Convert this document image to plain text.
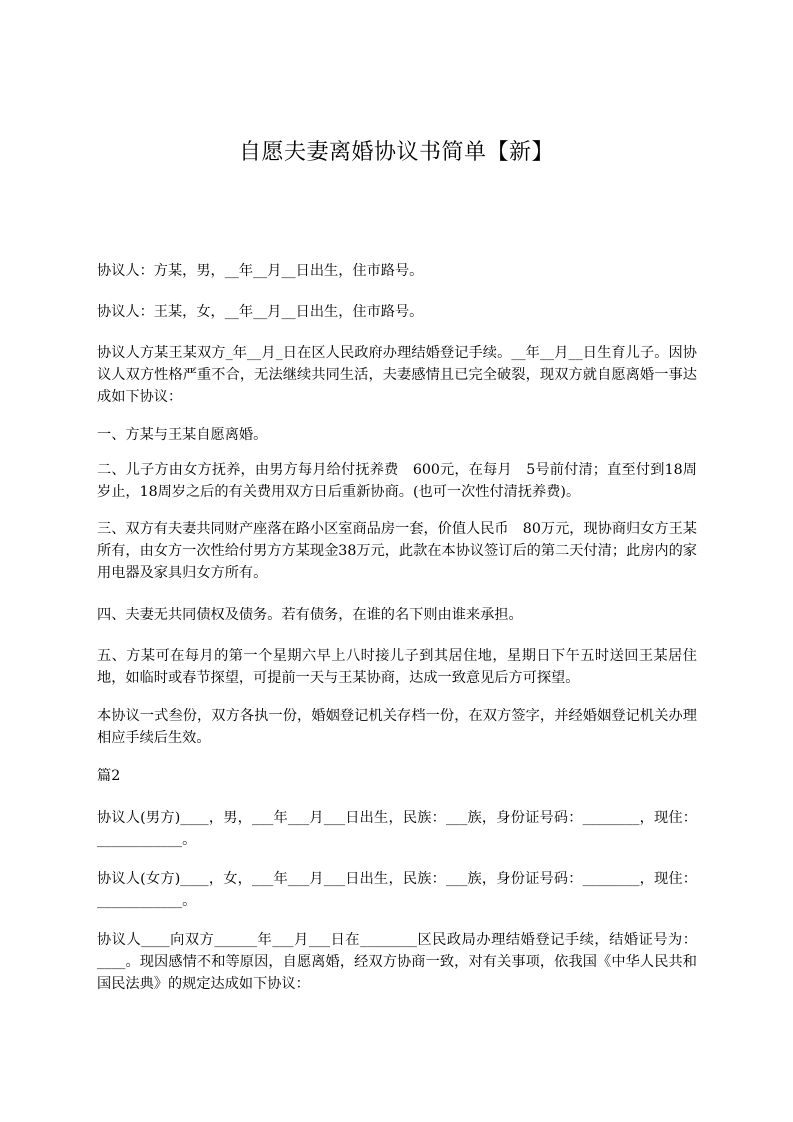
自愿夫妻离婚协议书简单【新】

协议人：方某，男，__年__月__日出生，住市路号。

协议人：王某，女，__年__月__日出生，住市路号。

协议人方某王某双方_年__月_日在区人民政府办理结婚登记手续。__年__月__日生育儿子。因协议人双方性格严重不合，无法继续共同生活，夫妻感情且已完全破裂，现双方就自愿离婚一事达成如下协议：

一、方某与王某自愿离婚。

二、儿子方由女方抚养，由男方每月给付抚养费　600元，在每月　5号前付清；直至付到18周岁止，18周岁之后的有关费用双方日后重新协商。(也可一次性付清抚养费)。

三、双方有夫妻共同财产座落在路小区室商品房一套，价值人民币　80万元，现协商归女方王某所有，由女方一次性给付男方方某现金38万元，此款在本协议签订后的第二天付清；此房内的家用电器及家具归女方所有。

四、夫妻无共同债权及债务。若有债务，在谁的名下则由谁来承担。

五、方某可在每月的第一个星期六早上八时接儿子到其居住地，星期日下午五时送回王某居住地，如临时或春节探望，可提前一天与王某协商，达成一致意见后方可探望。

本协议一式叁份，双方各执一份，婚姻登记机关存档一份，在双方签字，并经婚姻登记机关办理相应手续后生效。

篇2

协议人(男方)____，男，___年___月___日出生，民族：___族，身份证号码：________，现住：____________。

协议人(女方)____，女，___年___月___日出生，民族：___族，身份证号码：________，现住：____________。

协议人____向双方______年___月___日在________区民政局办理结婚登记手续，结婚证号为：____。现因感情不和等原因，自愿离婚，经双方协商一致，对有关事项，依我国《中华人民共和国民法典》的规定达成如下协议：
